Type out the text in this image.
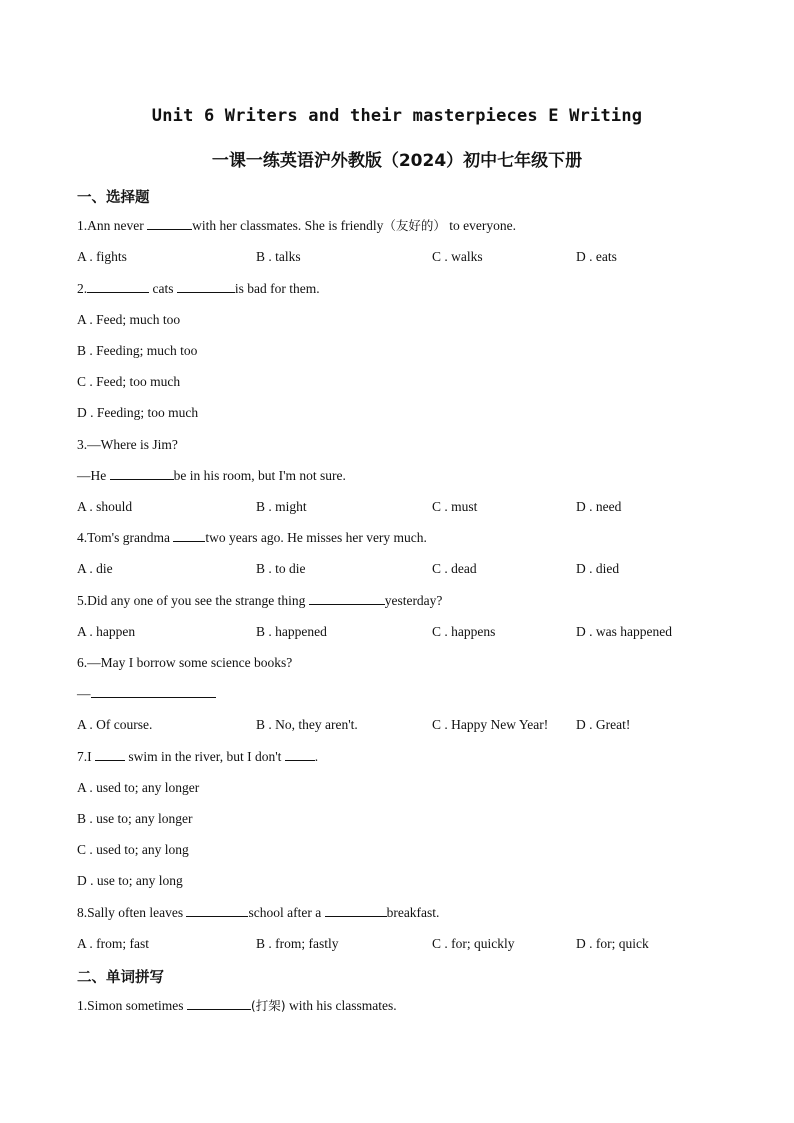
Unit 6 Writers and their masterpieces E Writing
一课一练英语沪外教版（2024）初中七年级下册
一、选择题
1.Ann never	with her classmates. She is friendly（友好的） to everyone.
A . fights	B . talks	C . walks	D . eats
2.	cats	is bad for them.
A . Feed; much too
B . Feeding; much too
C . Feed; too much
D . Feeding; too much
3.—Where is Jim?
—He	be in his room, but I'm not sure.
A . should	B . might	C . must	D . need
4.Tom's grandma two years ago. He misses her very much.
A . die	B . to die	C . dead	D . died
5.Did any one of you see the strange thing	yesterday?
A . happen	B . happened	C . happens	D . was happened
6.—May I borrow some science books?
—
A . Of course.	B . No, they aren't.	C . Happy New Year! D . Great!
7.I  swim in the river, but I don't .
A . used to; any longer
B . use to; any longer
C . used to; any long
D . use to; any long
8.Sally often leaves	school after a	breakfast.
A . from; fast	B . from; fastly	C . for; quickly	D . for; quick
二、单词拼写
1.Simon sometimes	(打架) with his classmates.
